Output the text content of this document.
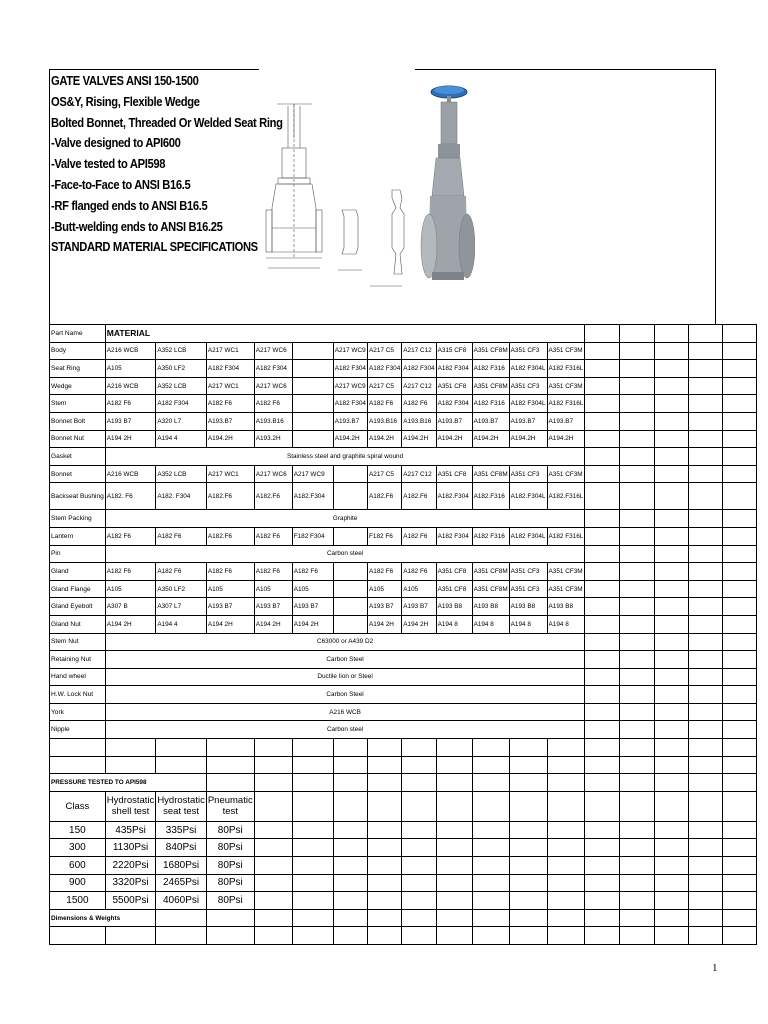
GATE VALVES ANSI 150-1500
OS&Y, Rising, Flexible Wedge
Bolted Bonnet, Threaded Or Welded Seat Ring
-Valve designed to API600
-Valve tested to API598
-Face-to-Face to ANSI B16.5
-RF flanged ends to ANSI B16.5
-Butt-welding ends to ANSI B16.25
STANDARD MATERIAL SPECIFICATIONS
Part Name	MATERIAL																
Body	A216 WCB	A352 LCB	A217 WC1	A217 WC6		A217 WC9	A217 C5	A217 C12	A315 CF8	A351 CF8M	A351 CF3	A351 CF3M					
Seat Ring	A105	A350 LF2	A182 F304	A182 F304		A182 F304	A182 F304	A182 F304	A182 F304	A182 F316	A182 F304L	A182 F316L					
Wedge	A216 WCB	A352 LCB	A217 WC1	A217 WC6		A217 WC9	A217 C5	A217 C12	A351 CF8	A351 CF8M	A351 CF3	A351 CF3M					
Stem	A182 F6	A182 F304	A182 F6	A182 F6		A182 F304	A182 F6	A182 F6	A182 F304	A182 F316	A182 F304L	A182 F316L					
Bonnet Bolt	A193 B7	A320 L7	A193.B7	A193.B16		A193.B7	A193.B16	A193.B16	A193.B7	A193.B7	A193.B7	A193.B7					
Bonnet Nut	A194 2H	A194 4	A194.2H	A193.2H		A194.2H	A194.2H	A194.2H	A194.2H	A194.2H	A194.2H	A194.2H					
Gasket	Stainless steel and graphite spiral wound																
Bonnet	A216 WCB	A352 LCB	A217 WC1	A217 WC6	A217 WC9		A217 C5	A217 C12	A351 CF8	A351 CF8M	A351 CF3	A351 CF3M					
Backseat Bushing	A182. F6	A182. F304	A182.F6	A182.F6	A182.F304		A182.F6	A182.F6	A182.F304	A182.F316	A182.F304L	A182.F316L					
Stem Packing	Graphite																
Lantern	A182 F6	A182 F6	A182.F6	A182 F6	F182 F304		F182 F6	A182 F6	A182 F304	A182 F316	A182 F304L	A182 F316L					
Pin	Carbon steel																
Gland	A182 F6	A182 F6	A182 F6	A182 F6	A182 F6		A182 F6	A182 F6	A351 CF8	A351 CF8M	A351 CF3	A351 CF3M					
Gland Flange	A105	A350 LF2	A105	A105	A105		A105	A105	A351 CF8	A351 CF8M	A351 CF3	A351 CF3M					
Gland Eyebolt	A307 B	A307 L7	A193 B7	A193 B7	A193 B7		A193 B7	A193 B7	A193 B8	A193 B8	A193 B8	A193 B8					
Gland Nut	A194 2H	A194 4	A194 2H	A194 2H	A194 2H		A194 2H	A194 2H	A194 8	A194 8	A194 8	A194 8					
Stem Nut	C63000 or A439 D2																
Retaining Nut	Carbon Steel																
Hand wheel	Ductile Iion or Steel																
H.W. Lock Nut	Carbon Steel																
York	A216 WCB																
Nipple	Carbon steel																

PRESSURE TESTED TO API598																	
Class	Hydrostatic shell test	Hydrostatic seat test	Pneumatic test														
150	435Psi	335Psi	80Psi														
300	1130Psi	840Psi	80Psi														
600	2220Psi	1680Psi	80Psi														
900	3320Psi	2465Psi	80Psi														
1500	5500Psi	4060Psi	80Psi														
Dimensions & Weights																	

1
